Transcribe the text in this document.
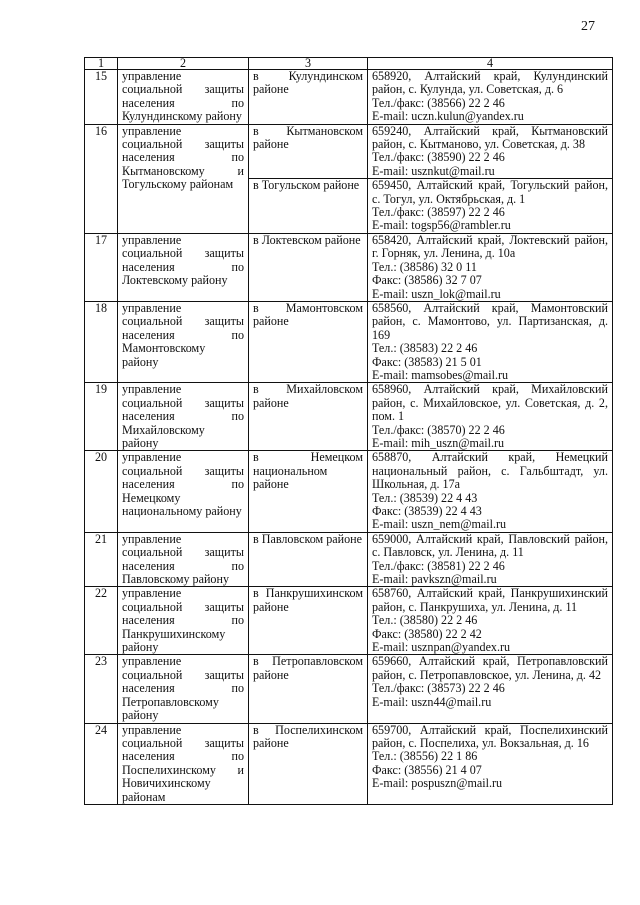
27
1	2	3	4
15	управление социальной защиты населения по Кулундинскому району	в Кулундинском районе	658920, Алтайский край, Кулундинский район, с. Кулунда, ул. Советская, д. 6
Тел./факс: (38566) 22 2 46
E-mail: uczn.kulun@yandex.ru

16	управление социальной защиты населения по Кытмановскому и Тогульскому районам	в Кытмановском районе	659240, Алтайский край, Кытмановский район, с. Кытманово, ул. Советская, д. 38
Тел./факс: (38590) 22 2 46
E-mail: usznkut@mail.ru

		в Тогульском районе	659450, Алтайский край, Тогульский район, с. Тогул, ул. Октябрьская, д. 1
Тел./факс: (38597) 22 2 46
E-mail: togsp56@rambler.ru

17	управление социальной защиты населения по Локтевскому району	в Локтевском районе	658420, Алтайский край, Локтевский район, г. Горняк, ул. Ленина, д. 10а
Тел.: (38586) 32 0 11
Факс: (38586) 32 7 07
E-mail: uszn_lok@mail.ru

18	управление социальной защиты населения по Мамонтовскому району	в Мамонтовском районе	658560, Алтайский край, Мамонтовский район, с. Мамонтово, ул. Партизанская, д. 169
Тел.: (38583) 22 2 46
Факс: (38583) 21 5 01
E-mail: mamsobes@mail.ru

19	управление социальной защиты населения по Михайловскому району	в Михайловском районе	658960, Алтайский край, Михайловский район, с. Михайловское, ул. Советская, д. 2, пом. 1
Тел./факс: (38570) 22 2 46
E-mail: mih_uszn@mail.ru

20	управление социальной защиты населения по Немецкому национальному району	в Немецком национальном районе	658870, Алтайский край, Немецкий национальный район, с. Гальбштадт, ул. Школьная, д. 17а
Тел.: (38539) 22 4 43
Факс: (38539) 22 4 43
E-mail: uszn_nem@mail.ru

21	управление социальной защиты населения по Павловскому району	в Павловском районе	659000, Алтайский край, Павловский район, с. Павловск, ул. Ленина, д. 11
Тел./факс: (38581) 22 2 46
E-mail: pavkszn@mail.ru

22	управление социальной защиты населения по Панкрушихинскому району	в Панкрушихинском районе	658760, Алтайский край, Панкрушихинский район, с. Панкрушиха, ул. Ленина, д. 11
Тел.: (38580) 22 2 46
Факс: (38580) 22 2 42
E-mail: usznpan@yandex.ru

23	управление социальной защиты населения по Петропавловскому району	в Петропавловском районе	659660, Алтайский край, Петропавловский район, с. Петропавловское, ул. Ленина, д. 42
Тел./факс: (38573) 22 2 46
E-mail: uszn44@mail.ru

24	управление социальной защиты населения по Поспелихинскому и Новичихинскому районам	в Поспелихинском районе	659700, Алтайский край, Поспелихинский район, с. Поспелиха, ул. Вокзальная, д. 16
Тел.: (38556) 22 1 86
Факс: (38556) 21 4 07
E-mail: pospuszn@mail.ru
